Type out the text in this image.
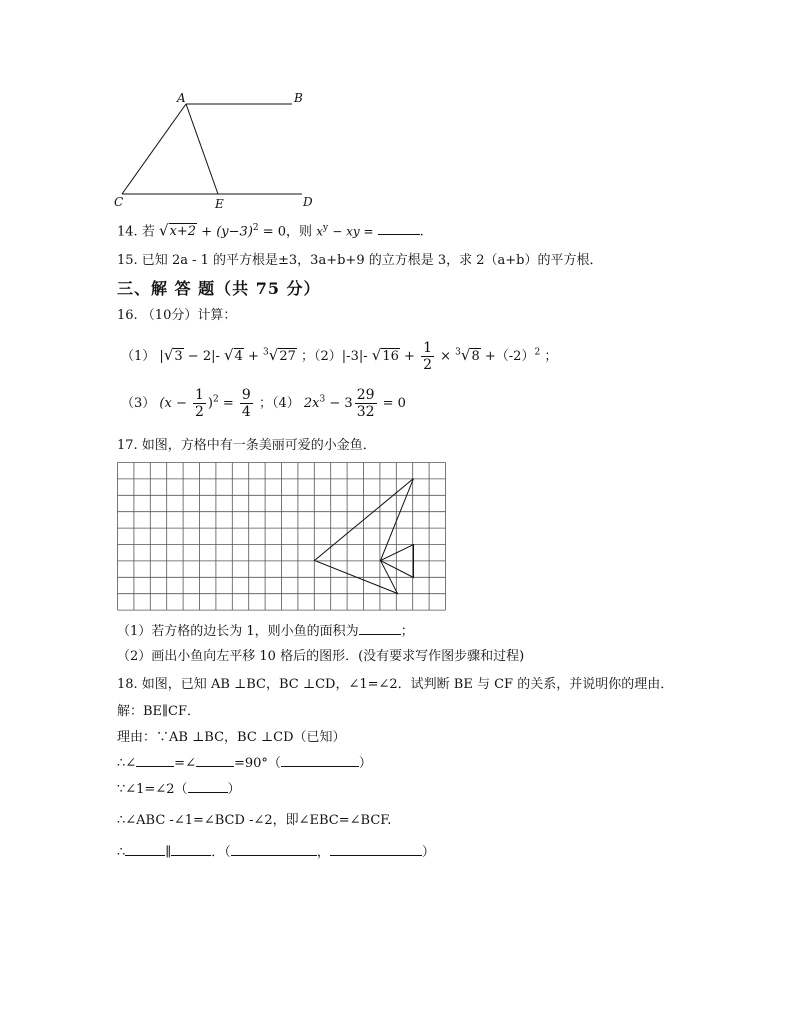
A	B
C	E	D
14. 若 $√x+2 + (y-3)^2 = 0$，则 $x^y$ − xy =	.
15. 已知 2a - 1 的平方根是±3，3a+b+9 的立方根是 3，求 2（a+b）的平方根．
三、解 答 题（共 75 分）
16. （10分）计算：
（1） |√3 − 2|- √4 + $^3$√27 ；（2）|-3|- $√16 + \frac{1}{2} \times ^3√8 +(-2)^2$ ；
（3） $(x - \frac{1}{2} )^2 = \frac{9}{4}$ ；（4） $2x^3 - 3 \frac{29}{32} = 0$
17. 如图，方格中有一条美丽可爱的小金鱼．
（1）若方格的边长为 1，则小鱼的面积为	；
（2）画出小鱼向左平移 10 格后的图形．(没有要求写作图步骤和过程)
18. 如图，已知 AB ⊥BC，BC ⊥CD，∠1=∠2．试判断 BE 与 CF 的关系，并说明你的理由．
解：BE∥CF．
理由：∵AB ⊥BC，BC ⊥CD（已知）
∴∠	=∠	=90°（	）
∵∠1=∠2（	）
∴∠ABC -∠1=∠BCD -∠2，即∠EBC=∠BCF.
∴	∥	．（	，	）
